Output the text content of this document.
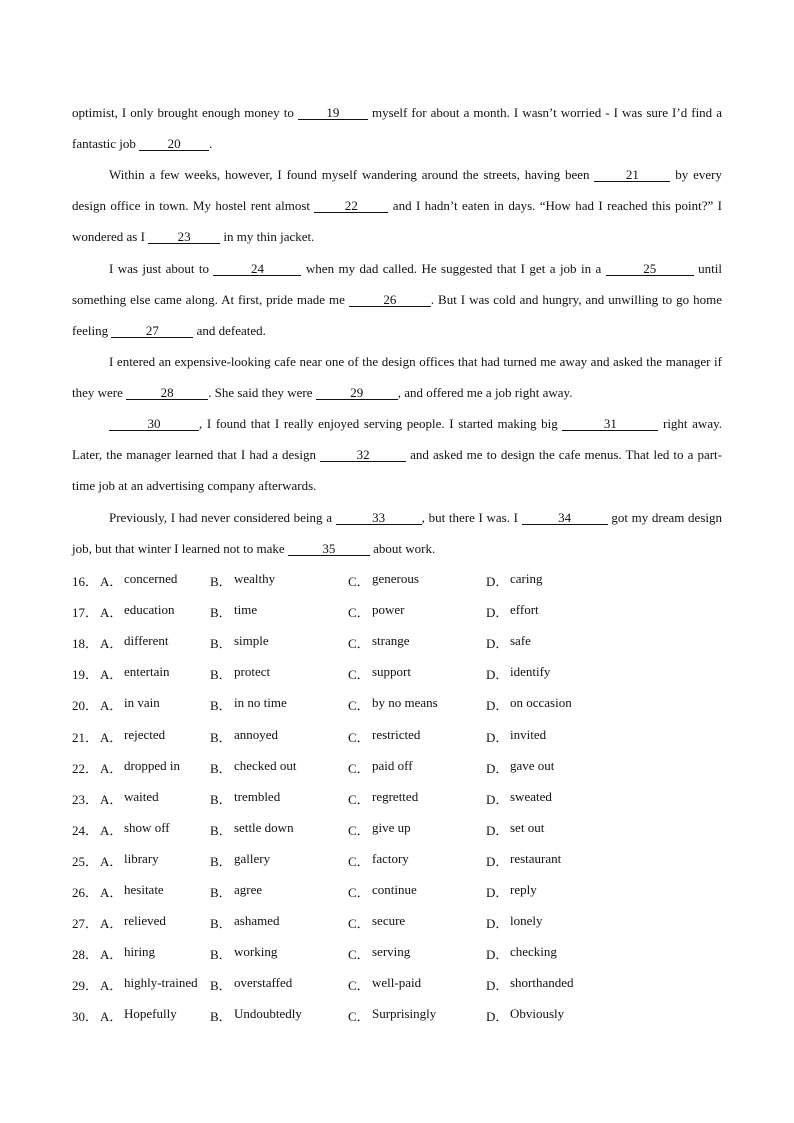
optimist, I only brought enough money to 19 myself for about a month. I wasn’t worried - I was sure I’d find a fantastic job 20 .
Within a few weeks, however, I found myself wandering around the streets, having been 21 by every design office in town. My hostel rent almost 22 and I hadn’t eaten in days. “How had I reached this point?” I wondered as I 23 in my thin jacket.
I was just about to	24	when my dad called. He suggested that I get a job in a	25	until something else came along. At first, pride made me	26	. But I was cold and hungry, and unwilling to go home feeling	27	and defeated.
I entered an expensive-looking cafe near one of the design offices that had turned me away and asked the manager if they were	28	. She said they were	29	, and offered me a job right away.
30	, I found that I really enjoyed serving people. I started making big	31	right away. Later, the manager learned that I had a design	32	and asked me to design the cafe menus. That led to a part-time job at an advertising company afterwards.
Previously, I had never considered being a	33	, but there I was. I	34	got my dream design job, but that winter I learned not to make	35	about work.
16． A． concerned	B． wealthy	C． generous	D． caring
17． A． education	B． time	C． power	D． effort
18． A． different	B． simple	C． strange	D． safe
19． A． entertain	B． protect	C． support	D． identify
20． A． in vain	B． in no time	C． by no means	D． on occasion
21． A． rejected	B． annoyed	C． restricted	D． invited
22． A． dropped in B． checked out	C． paid off	D． gave out
23． A． waited	B． trembled	C． regretted	D． sweated
24． A． show off	B． settle down	C． give up	D． set out
25． A． library	B． gallery	C． factory	D． restaurant
26． A． hesitate	B． agree	C． continue	D． reply
27． A． relieved	B． ashamed	C． secure	D． lonely
28． A． hiring	B． working	C． serving	D． checking
29． A． highly-trained B． overstaffed	C． well-paid	D． shorthanded
30． A． Hopefully	B． Undoubtedly	C． Surprisingly	D． Obviously
